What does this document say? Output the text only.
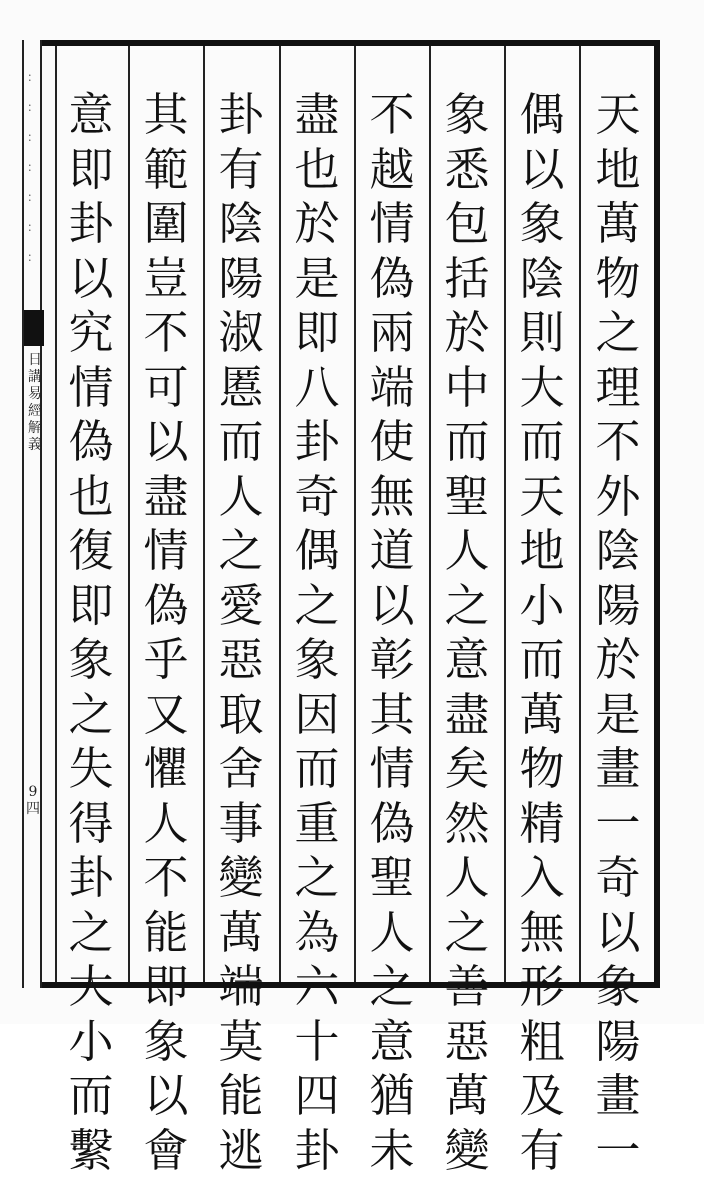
：
：
：
：
：
：
：
日
講
易
經
解
義
9
四
天
地
萬
物
之
理
不
外
陰
陽
於
是
畫
一
奇
以
象
陽
畫
一
偶
以
象
陰
則
大
而
天
地
小
而
萬
物
精
入
無
形
粗
及
有
象
悉
包
括
於
中
而
聖
人
之
意
盡
矣
然
人
之
善
惡
萬
變
不
越
情
偽
兩
端
使
無
道
以
彰
其
情
偽
聖
人
之
意
猶
未
盡
也
於
是
即
八
卦
奇
偶
之
象
因
而
重
之
為
六
十
四
卦
卦
有
陰
陽
淑
慝
而
人
之
愛
惡
取
舍
事
變
萬
端
莫
能
逃
其
範
圍
豈
不
可
以
盡
情
偽
乎
又
懼
人
不
能
即
象
以
會
意
即
卦
以
究
情
偽
也
復
即
象
之
失
得
卦
之
大
小
而
繫
